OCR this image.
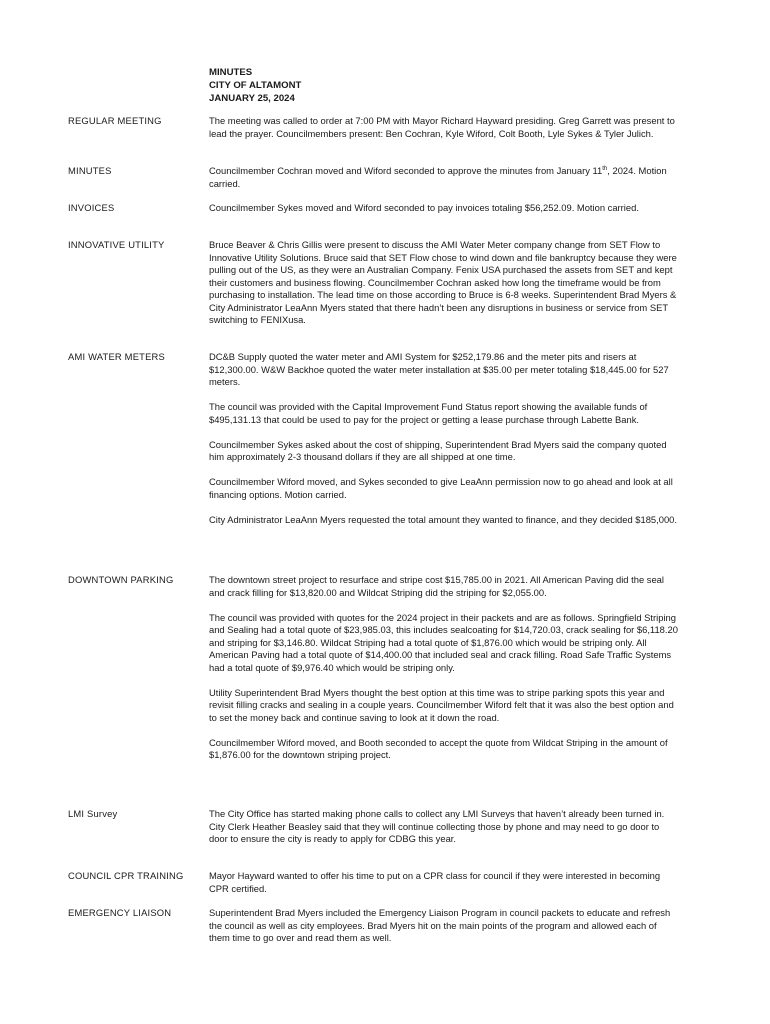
MINUTES
CITY OF ALTAMONT
JANUARY 25, 2024
REGULAR MEETING	The meeting was called to order at 7:00 PM with Mayor Richard Hayward presiding. Greg Garrett was present to lead the prayer. Councilmembers present: Ben Cochran, Kyle Wiford, Colt Booth, Lyle Sykes & Tyler Julich.

MINUTES	Councilmember Cochran moved and Wiford seconded to approve the minutes from January 11th, 2024. Motion carried.

INVOICES	Councilmember Sykes moved and Wiford seconded to pay invoices totaling $56,252.09. Motion carried.

INNOVATIVE UTILITY	Bruce Beaver & Chris Gillis were present to discuss the AMI Water Meter company change from SET Flow to Innovative Utility Solutions. Bruce said that SET Flow chose to wind down and file bankruptcy because they were pulling out of the US, as they were an Australian Company. Fenix USA purchased the assets from SET and kept their customers and business flowing. Councilmember Cochran asked how long the timeframe would be from purchasing to installation. The lead time on those according to Bruce is 6-8 weeks. Superintendent Brad Myers & City Administrator LeaAnn Myers stated that there hadn’t been any disruptions in business or service from SET switching to FENIXusa.

AMI WATER METERS	DC&B Supply quoted the water meter and AMI System for $252,179.86 and the meter pits and risers at $12,300.00. W&W Backhoe quoted the water meter installation at $35.00 per meter totaling $18,445.00 for 527 meters.

The council was provided with the Capital Improvement Fund Status report showing the available funds of $495,131.13 that could be used to pay for the project or getting a lease purchase through Labette Bank.

Councilmember Sykes asked about the cost of shipping, Superintendent Brad Myers said the company quoted him approximately 2-3 thousand dollars if they are all shipped at one time.

Councilmember Wiford moved, and Sykes seconded to give LeaAnn permission now to go ahead and look at all financing options. Motion carried.

City Administrator LeaAnn Myers requested the total amount they wanted to finance, and they decided $185,000.

DOWNTOWN PARKING	The downtown street project to resurface and stripe cost $15,785.00 in 2021. All American Paving did the seal and crack filling for $13,820.00 and Wildcat Striping did the striping for $2,055.00.

The council was provided with quotes for the 2024 project in their packets and are as follows. Springfield Striping and Sealing had a total quote of $23,985.03, this includes sealcoating for $14,720.03, crack sealing for $6,118.20 and striping for $3,146.80. Wildcat Striping had a total quote of $1,876.00 which would be striping only. All American Paving had a total quote of $14,400.00 that included seal and crack filling. Road Safe Traffic Systems had a total quote of $9,976.40 which would be striping only.

Utility Superintendent Brad Myers thought the best option at this time was to stripe parking spots this year and revisit filling cracks and sealing in a couple years. Councilmember Wiford felt that it was also the best option and to set the money back and continue saving to look at it down the road.

Councilmember Wiford moved, and Booth seconded to accept the quote from Wildcat Striping in the amount of $1,876.00 for the downtown striping project.

LMI Survey	The City Office has started making phone calls to collect any LMI Surveys that haven’t already been turned in. City Clerk Heather Beasley said that they will continue collecting those by phone and may need to go door to door to ensure the city is ready to apply for CDBG this year.

COUNCIL CPR TRAINING	Mayor Hayward wanted to offer his time to put on a CPR class for council if they were interested in becoming CPR certified.

EMERGENCY LIAISON	Superintendent Brad Myers included the Emergency Liaison Program in council packets to educate and refresh the council as well as city employees. Brad Myers hit on the main points of the program and allowed each of them time to go over and read them as well.
